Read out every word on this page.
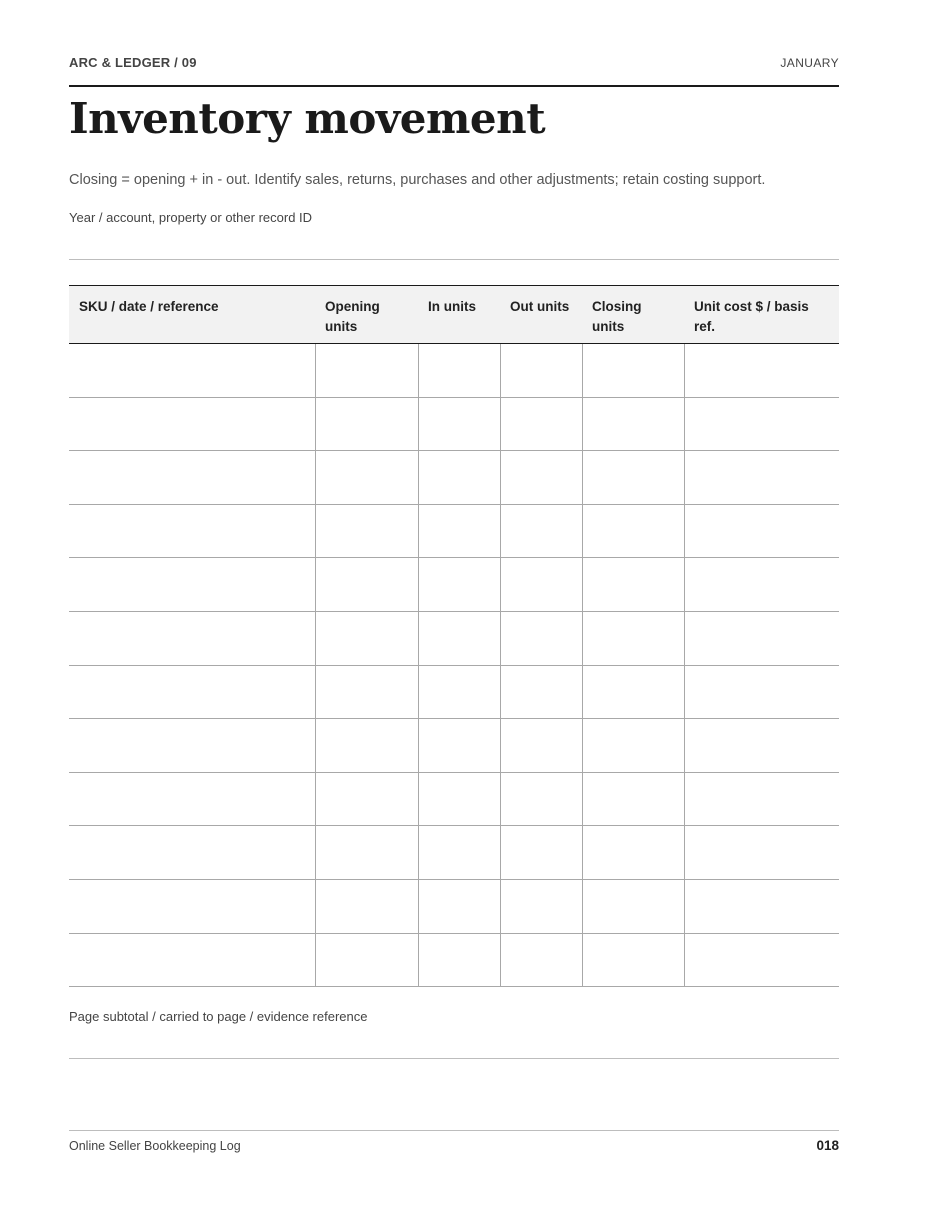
ARC & LEDGER / 09	JANUARY
Inventory movement

Closing = opening + in - out. Identify sales, returns, purchases and other adjustments; retain costing support.

Year / account, property or other record ID
SKU / date / reference	Opening units	In units	Out units	Closing units	Unit cost $ / basis ref.

Page subtotal / carried to page / evidence reference
Online Seller Bookkeeping Log	018
